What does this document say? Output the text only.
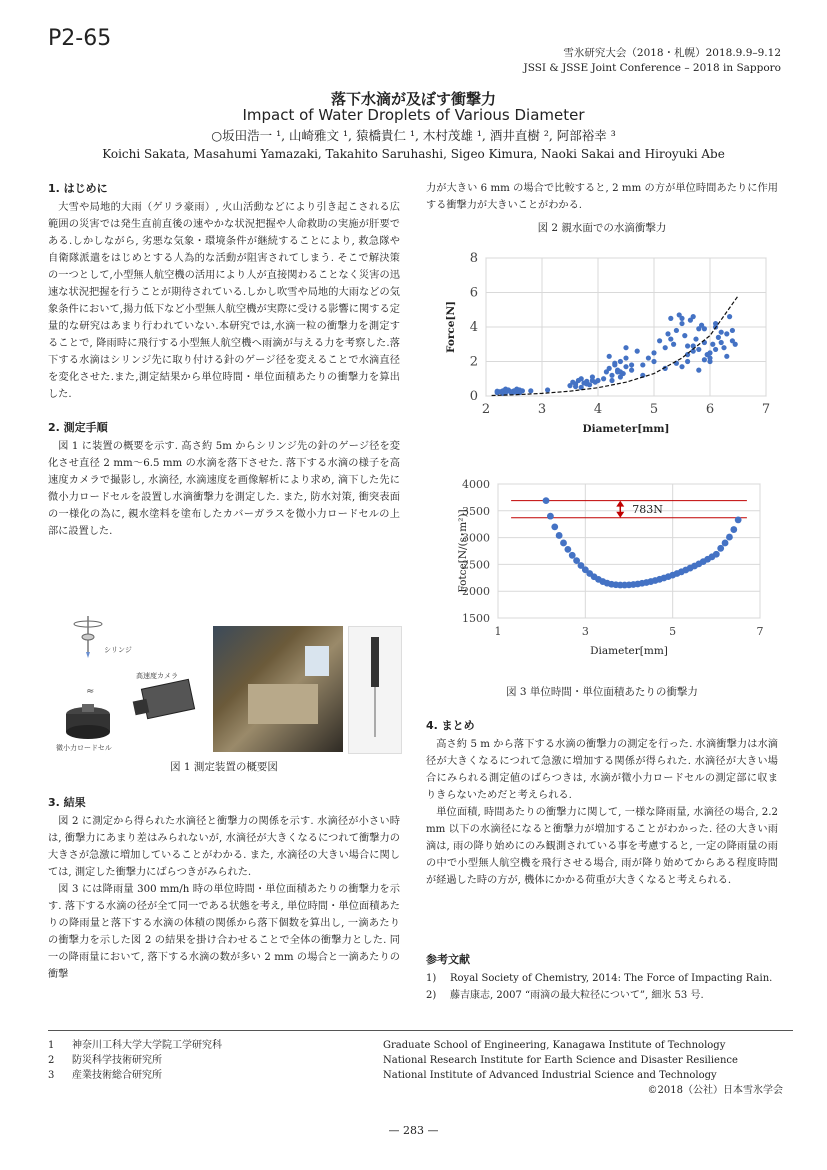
P2-65
雪氷研究大会（2018・札幌）2018.9.9–9.12
JSSI & JSSE Joint Conference – 2018 in Sapporo
落下水滴が及ぼす衝撃力
Impact of Water Droplets of Various Diameter
○坂田浩一 ¹, 山崎雅文 ¹, 猿橋貴仁 ¹, 木村茂雄 ¹, 酒井直樹 ², 阿部裕幸 ³
Koichi Sakata, Masahumi Yamazaki, Takahito Saruhashi, Sigeo Kimura, Naoki Sakai and Hiroyuki Abe
1. はじめに

大雪や局地的大雨（ゲリラ豪雨）, 火山活動などにより引き起こされる広範囲の災害では発生直前直後の速やかな状況把握や人命救助の実施が肝要である.しかしながら, 劣悪な気象・環境条件が継続することにより, 救急隊や自衛隊派遣をはじめとする人為的な活動が阻害されてしまう. そこで解決策の一つとして,小型無人航空機の活用により人が直接関わることなく災害の迅速な状況把握を行うことが期待されている.しかし吹雪や局地的大雨などの気象条件において,揚力低下など小型無人航空機が実際に受ける影響に関する定量的な研究はあまり行われていない.本研究では,水滴一粒の衝撃力を測定することで, 降雨時に飛行する小型無人航空機へ雨滴が与える力を考察した.落下する水滴はシリンジ先に取り付ける針のゲージ径を変えることで水滴直径を変化させた.また,測定結果から単位時間・単位面積あたりの衝撃力を算出した.

2. 測定手順

図 1 に装置の概要を示す. 高さ約 5m からシリンジ先の針のゲージ径を変化させ直径 2 mm～6.5 mm の水滴を落下させた. 落下する水滴の様子を高速度カメラで撮影し, 水滴径, 水滴速度を画像解析により求め, 滴下した先に微小力ロードセルを設置し水滴衝撃力を測定した. また, 防水対策, 衝突表面の一様化の為に, 親水塗料を塗布したカバーガラスを微小力ロードセルの上部に設置した.

シリンジ
≈
高速度カメラ
微小力ロードセル
図 1 測定装置の概要図
3. 結果

図 2 に測定から得られた水滴径と衝撃力の関係を示す. 水滴径が小さい時は, 衝撃力にあまり差はみられないが, 水滴径が大きくなるにつれて衝撃力の大きさが急激に増加していることがわかる. また, 水滴径の大きい場合に関しては, 測定した衝撃力にばらつきがみられた.

図 3 には降雨量 300 mm/h 時の単位時間・単位面積あたりの衝撃力を示す. 落下する水滴の径が全て同一である状態を考え, 単位時間・単位面積あたりの降雨量と落下する水滴の体積の関係から落下個数を算出し, 一滴あたりの衝撃力を示した図 2 の結果を掛け合わせることで全体の衝撃力とした. 同一の降雨量において, 落下する水滴の数が多い 2 mm の場合と一滴あたりの衝撃

力が大きい 6 mm の場合で比較すると, 2 mm の方が単位時間あたりに作用する衝撃力が大きいことがわかる.
図 2 親水面での水滴衝撃力
0
2
4
6
8
2	3	4	5	6	7
Diameter[mm]
Force[N]
1500
2000
2500
3000
3500
4000
1	3	5	7
Diameter[mm]
Fotce[N/(s･m²)]	783N
図 3 単位時間・単位面積あたりの衝撃力
4. まとめ

高さ約 5 m から落下する水滴の衝撃力の測定を行った. 水滴衝撃力は水滴径が大きくなるにつれて急激に増加する関係が得られた. 水滴径が大きい場合にみられる測定値のばらつきは, 水滴が微小力ロードセルの測定部に収まりきらないためだと考えられる.

単位面積, 時間あたりの衝撃力に関して, 一様な降雨量, 水滴径の場合, 2.2 mm 以下の水滴径になると衝撃力が増加することがわかった. 径の大きい雨滴は, 雨の降り始めにのみ観測されている事を考慮すると, 一定の降雨量の雨の中で小型無人航空機を飛行させる場合, 雨が降り始めてからある程度時間が経過した時の方が, 機体にかかる荷重が大きくなると考えられる.

参考文献
1)	Royal Society of Chemistry, 2014: The Force of Impacting Rain.
2)	藤吉康志, 2007 “雨滴の最大粒径について”, 細氷 53 号.
1 神奈川工科大学大学院工学研究科
2 防災科学技術研究所
3 産業技術総合研究所
Graduate School of Engineering, Kanagawa Institute of Technology
National Research Institute for Earth Science and Disaster Resilience
National Institute of Advanced Industrial Science and Technology
©2018（公社）日本雪氷学会
— 283 —
